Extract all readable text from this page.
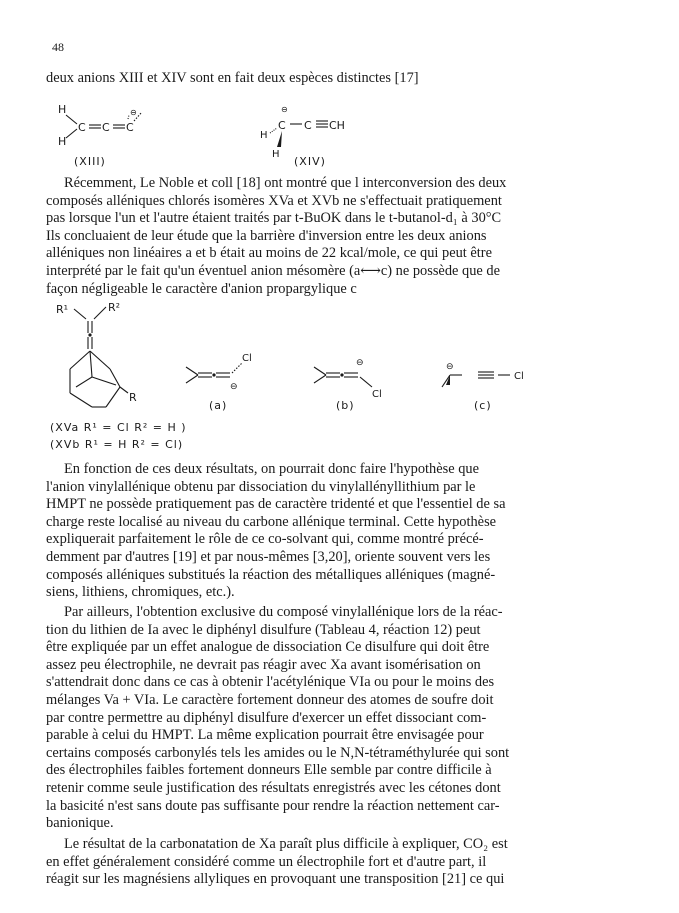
48

deux anions XIII et XIV sont en fait deux espèces distinctes [17]

H
H
C C C
⊖
(XIII)
⊖
H
C
H
C CH
(XIV)

Récemment, Le Noble et coll [18] ont montré que l interconversion des deux
composés alléniques chlorés isomères XVa et XVb ne s'effectuait pratiquement
pas lorsque l'un et l'autre étaient traités par t-BuOK dans le t-butanol-d₁ à 30°C
Ils concluaient de leur étude que la barrière d'inversion entre les deux anions
alléniques non linéaires a et b était au moins de 22 kcal/mole, ce qui peut être
interprété par le fait qu'un éventuel anion mésomère (a⟷c) ne possède que de
façon négligeable le caractère d'anion propargylique c

R¹	R²
R
Cl
⊖
(a)
Cl
⊖
(b)
⊖
Cl
(c)
(XVa R¹ = Cl R² = H )
(XVb R¹ = H R² = Cl)

En fonction de ces deux résultats, on pourrait donc faire l'hypothèse que
l'anion vinylallénique obtenu par dissociation du vinylallényllithium par le
HMPT ne possède pratiquement pas de caractère tridenté et que l'essentiel de sa
charge reste localisé au niveau du carbone allénique terminal. Cette hypothèse
expliquerait parfaitement le rôle de ce co-solvant qui, comme montré précé-
demment par d'autres [19] et par nous-mêmes [3,20], oriente souvent vers les
composés alléniques substitués la réaction des métalliques alléniques (magné-
siens, lithiens, chromiques, etc.).

Par ailleurs, l'obtention exclusive du composé vinylallénique lors de la réac-
tion du lithien de Ia avec le diphényl disulfure (Tableau 4, réaction 12) peut
être expliquée par un effet analogue de dissociation Ce disulfure qui doit être
assez peu électrophile, ne devrait pas réagir avec Xa avant isomérisation on
s'attendrait donc dans ce cas à obtenir l'acétylénique VIa ou pour le moins des
mélanges Va + VIa. Le caractère fortement donneur des atomes de soufre doit
par contre permettre au diphényl disulfure d'exercer un effet dissociant com-
parable à celui du HMPT. La même explication pourrait être envisagée pour
certains composés carbonylés tels les amides ou le N,N-tétraméthylurée qui sont
des électrophiles faibles fortement donneurs Elle semble par contre difficile à
retenir comme seule justification des résultats enregistrés avec les cétones dont
la basicité n'est sans doute pas suffisante pour rendre la réaction nettement car-
banionique.

Le résultat de la carbonatation de Xa paraît plus difficile à expliquer, CO₂ est
en effet généralement considéré comme un électrophile fort et d'autre part, il
réagit sur les magnésiens allyliques en provoquant une transposition [21] ce qui
